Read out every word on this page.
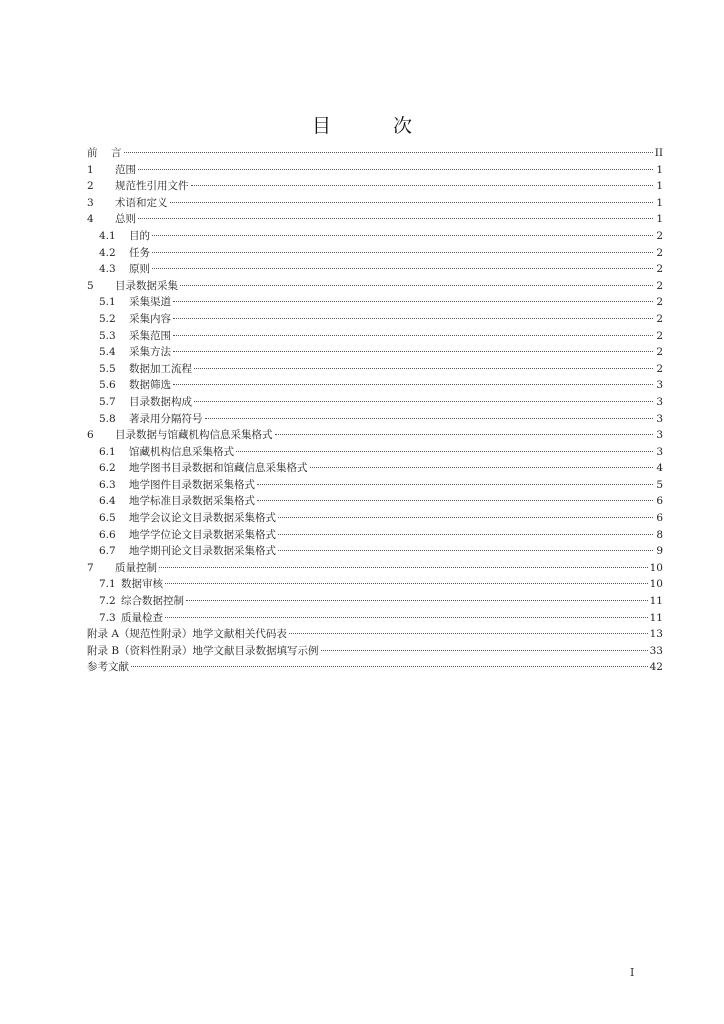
目 次
前	言	II
1	范围	1
2	规范性引用文件	1
3	术语和定义	1
4	总则	1
4.1	目的	2
4.2	任务	2
4.3	原则	2
5	目录数据采集	2
5.1	采集渠道	2
5.2	采集内容	2
5.3	采集范围	2
5.4	采集方法	2
5.5	数据加工流程	2
5.6	数据筛选	3
5.7	目录数据构成	3
5.8	著录用分隔符号	3
6	目录数据与馆藏机构信息采集格式	3
6.1	馆藏机构信息采集格式	3
6.2	地学图书目录数据和馆藏信息采集格式	4
6.3	地学图件目录数据采集格式	5
6.4	地学标准目录数据采集格式	6
6.5	地学会议论文目录数据采集格式	6
6.6	地学学位论文目录数据采集格式	8
6.7	地学期刊论文目录数据采集格式	9
7	质量控制	10
7.1 数据审核	10
7.2 综合数据控制	11
7.3 质量检查	11
附录 A（规范性附录）地学文献相关代码表	13
附录 B（资料性附录）地学文献目录数据填写示例	33
参考文献	42
I
